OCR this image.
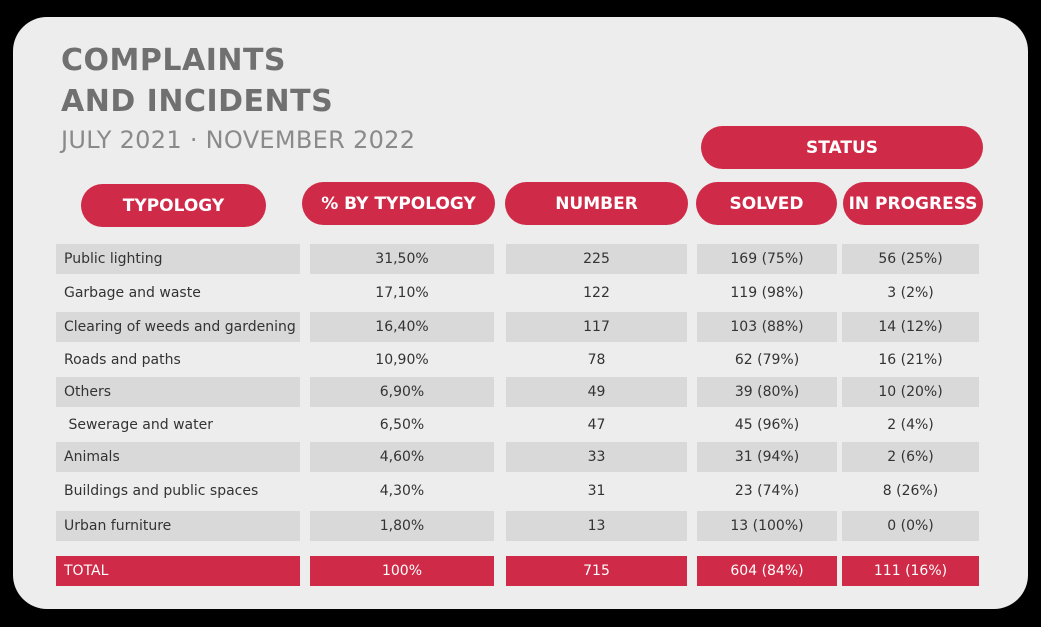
COMPLAINTS
AND INCIDENTS
JULY 2021 · NOVEMBER 2022	STATUS
TYPOLOGY	% BY TYPOLOGY	NUMBER	SOLVED	IN PROGRESS
Public lighting	31,50%	225	169 (75%)	56 (25%)
Garbage and waste	17,10%	122	119 (98%)	3 (2%)
Clearing of weeds and gardening	16,40%	117	103 (88%)	14 (12%)
Roads and paths	10,90%	78	62 (79%)	16 (21%)
Others	6,90%	49	39 (80%)	10 (20%)
Sewerage and water	6,50%	47	45 (96%)	2 (4%)
Animals	4,60%	33	31 (94%)	2 (6%)
Buildings and public spaces	4,30%	31	23 (74%)	8 (26%)
Urban furniture	1,80%	13	13 (100%)	0 (0%)
TOTAL	100%	715	604 (84%)	111 (16%)
